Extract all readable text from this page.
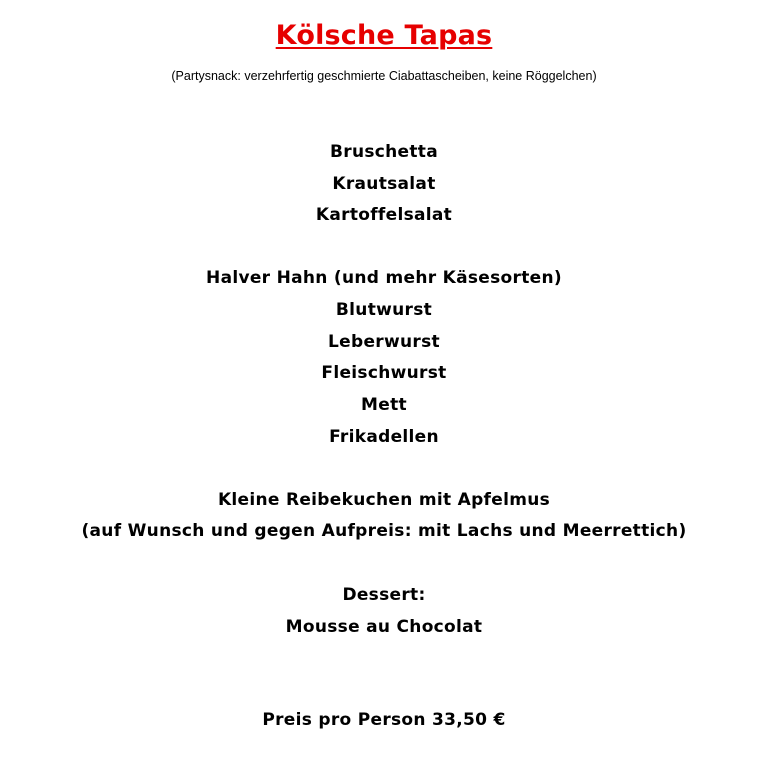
Kölsche Tapas
(Partysnack: verzehrfertig geschmierte Ciabattascheiben, keine Röggelchen)
Bruschetta
Krautsalat
Kartoffelsalat
Halver Hahn (und mehr Käsesorten)
Blutwurst
Leberwurst
Fleischwurst
Mett
Frikadellen
Kleine Reibekuchen mit Apfelmus
(auf Wunsch und gegen Aufpreis: mit Lachs und Meerrettich)
Dessert:
Mousse au Chocolat
Preis pro Person 33,50 €
